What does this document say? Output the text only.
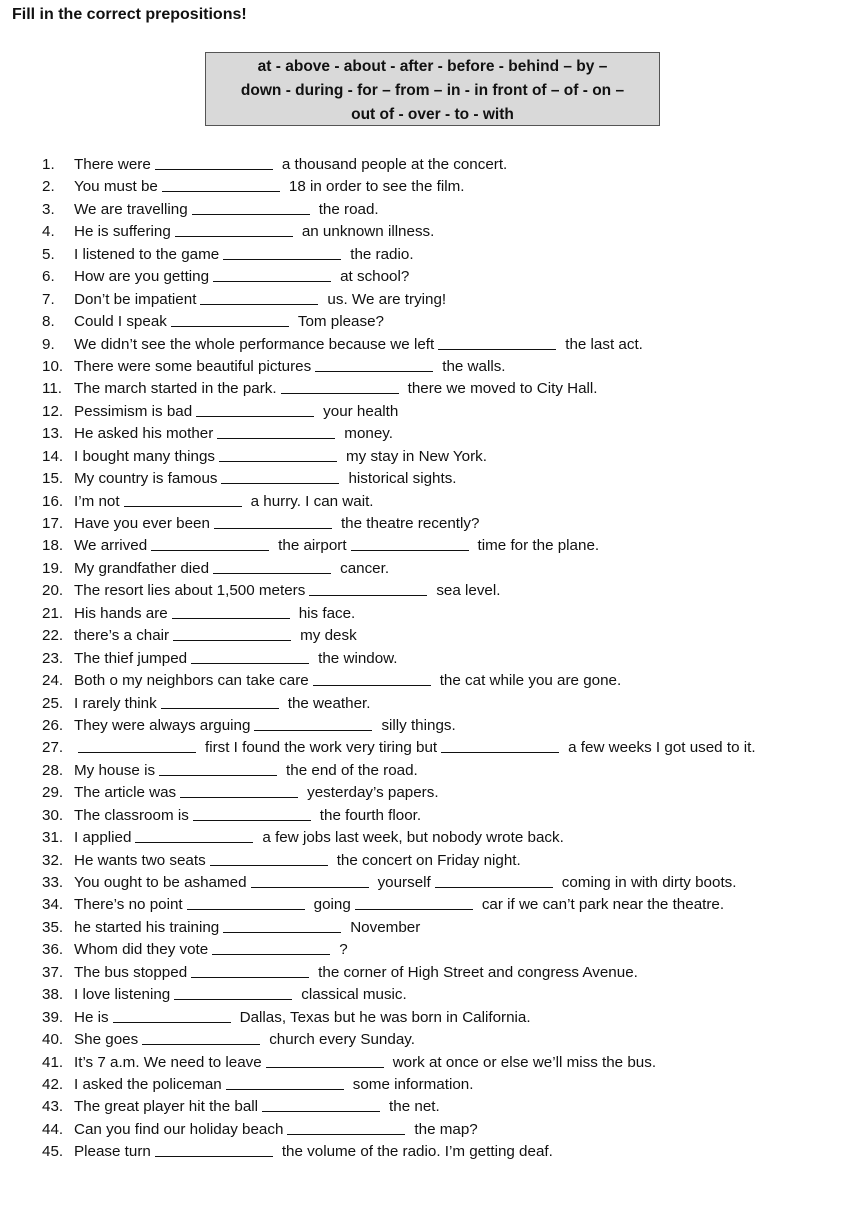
Fill in the correct prepositions!
at - above - about - after - before - behind – by –
down - during - for – from – in - in front of – of - on –
out of - over - to - with
1. There were	a thousand people at the concert.
2. You must be	18 in order to see the film.
3. We are travelling	the road.
4. He is suffering	an unknown illness.
5. I listened to the game	the radio.
6. How are you getting	at school?
7. Don’t be impatient	us. We are trying!
8. Could I speak	Tom please?
9. We didn’t see the whole performance because we left	the last act.
10. There were some beautiful pictures	the walls.
11. The march started in the park.	there we moved to City Hall.
12. Pessimism is bad	your health
13. He asked his mother	money.
14. I bought many things	my stay in New York.
15. My country is famous	historical sights.
16. I’m not	a hurry. I can wait.
17. Have you ever been	the theatre recently?
18. We arrived	the airport	time for the plane.
19. My grandfather died	cancer.
20. The resort lies about 1,500 meters	sea level.
21. His hands are	his face.
22. there’s a chair	my desk
23. The thief jumped	the window.
24. Both o my neighbors can take care	the cat while you are gone.
25. I rarely think	the weather.
26. They were always arguing	silly things.
27.	first I found the work very tiring but	a few weeks I got used to it.
28. My house is	the end of the road.
29. The article was	yesterday’s papers.
30. The classroom is	the fourth floor.
31. I applied	a few jobs last week, but nobody wrote back.
32. He wants two seats	the concert on Friday night.
33. You ought to be ashamed	yourself	coming in with dirty boots.
34. There’s no point	going	car if we can’t park near the theatre.
35. he started his training	November
36. Whom did they vote	?
37. The bus stopped	the corner of High Street and congress Avenue.
38. I love listening	classical music.
39. He is	Dallas, Texas but he was born in California.
40. She goes	church every Sunday.
41. It’s 7 a.m. We need to leave	work at once or else we’ll miss the bus.
42. I asked the policeman	some information.
43. The great player hit the ball	the net.
44. Can you find our holiday beach	the map?
45. Please turn	the volume of the radio. I’m getting deaf.
